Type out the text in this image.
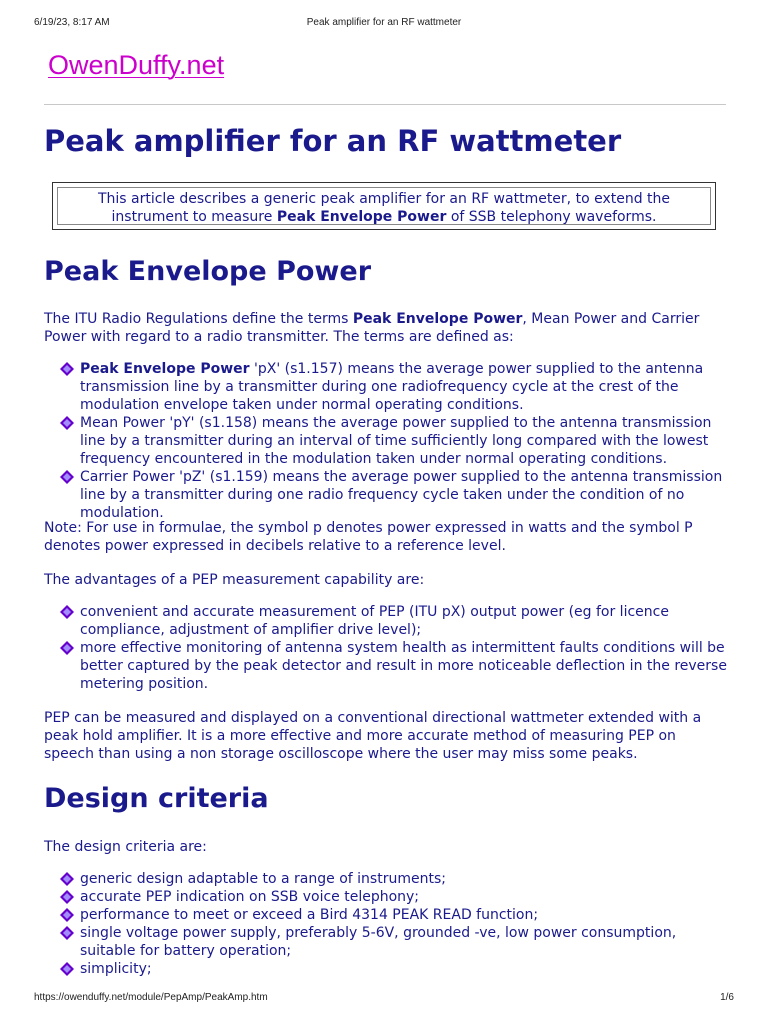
6/19/23, 8:17 AM	Peak amplifier for an RF wattmeter
OwenDuffy.net
Peak amplifier for an RF wattmeter
This article describes a generic peak amplifier for an RF wattmeter, to extend the instrument to measure Peak Envelope Power of SSB telephony waveforms.
Peak Envelope Power

The ITU Radio Regulations define the terms Peak Envelope Power, Mean Power and Carrier Power with regard to a radio transmitter. The terms are defined as:

Peak Envelope Power 'pX' (s1.157) means the average power supplied to the antenna transmission line by a transmitter during one radiofrequency cycle at the crest of the modulation envelope taken under normal operating conditions.
Mean Power 'pY' (s1.158) means the average power supplied to the antenna transmission line by a transmitter during an interval of time sufficiently long compared with the lowest frequency encountered in the modulation taken under normal operating conditions.
Carrier Power 'pZ' (s1.159) means the average power supplied to the antenna transmission line by a transmitter during one radio frequency cycle taken under the condition of no modulation.

Note: For use in formulae, the symbol p denotes power expressed in watts and the symbol P denotes power expressed in decibels relative to a reference level.

The advantages of a PEP measurement capability are:

convenient and accurate measurement of PEP (ITU pX) output power (eg for licence compliance, adjustment of amplifier drive level);
more effective monitoring of antenna system health as intermittent faults conditions will be better captured by the peak detector and result in more noticeable deflection in the reverse metering position.

PEP can be measured and displayed on a conventional directional wattmeter extended with a peak hold amplifier. It is a more effective and more accurate method of measuring PEP on speech than using a non storage oscilloscope where the user may miss some peaks.

Design criteria

The design criteria are:

generic design adaptable to a range of instruments;
accurate PEP indication on SSB voice telephony;
performance to meet or exceed a Bird 4314 PEAK READ function;
single voltage power supply, preferably 5-6V, grounded -ve, low power consumption, suitable for battery operation;
simplicity;
https://owenduffy.net/module/PepAmp/PeakAmp.htm	1/6
